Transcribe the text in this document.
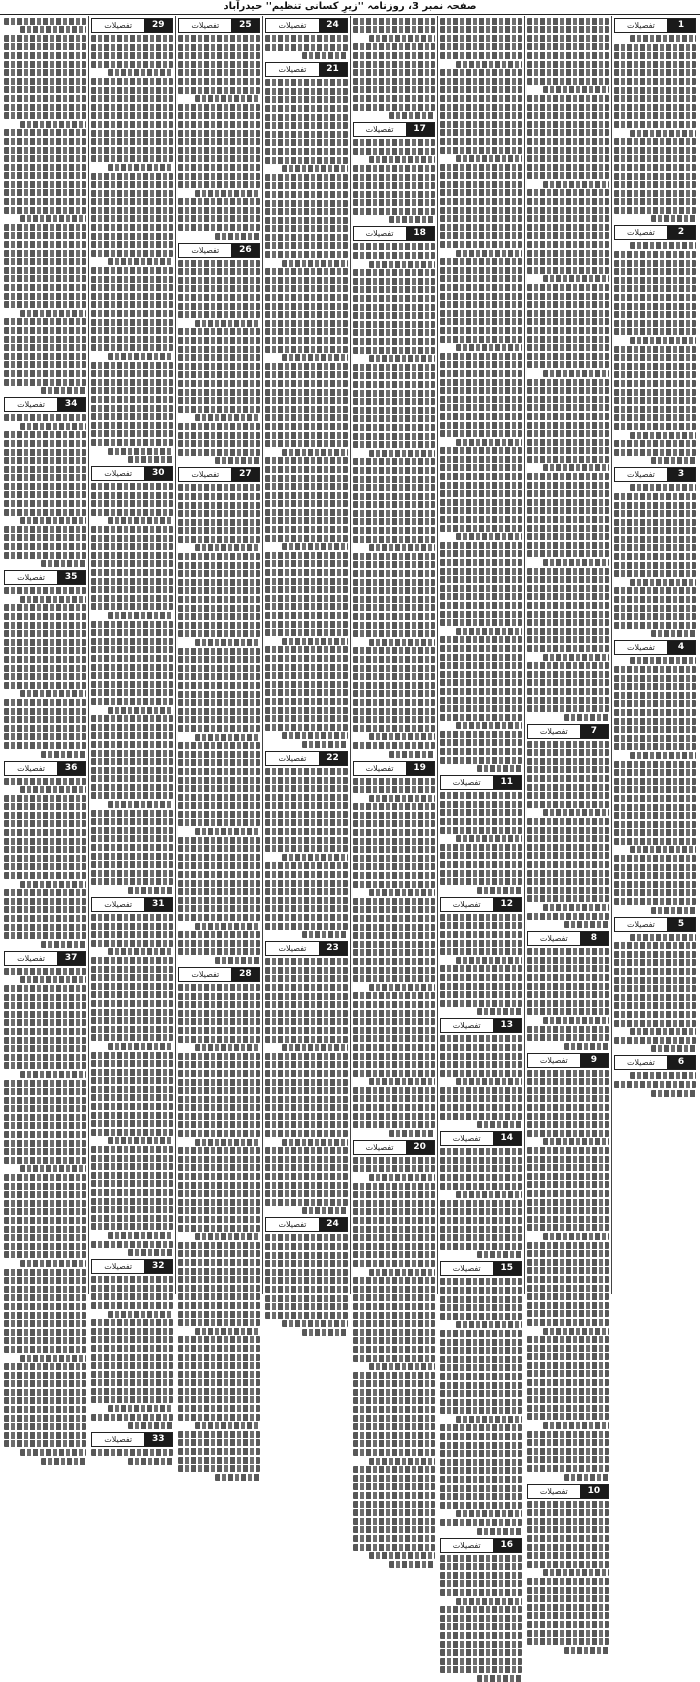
صفحہ نمبر 3، روزنامہ ''زیرِ کسانی تنظیم'' حیدرآباد
1
تفصیلات
2
تفصیلات
3
تفصیلات
4
تفصیلات
5
تفصیلات
6
تفصیلات
7
تفصیلات
8
تفصیلات
9
تفصیلات
10
تفصیلات
11
تفصیلات
12
تفصیلات
13
تفصیلات
14
تفصیلات
15
تفصیلات
16
تفصیلات
17
تفصیلات
18
تفصیلات
19
تفصیلات
20
تفصیلات
24
تفصیلات
21
تفصیلات
22
تفصیلات
23
تفصیلات
24
تفصیلات
25
تفصیلات
26
تفصیلات
27
تفصیلات
28
تفصیلات
29
تفصیلات
30
تفصیلات
31
تفصیلات
32
تفصیلات
33
تفصیلات
34
تفصیلات
35
تفصیلات
36
تفصیلات
37
تفصیلات
